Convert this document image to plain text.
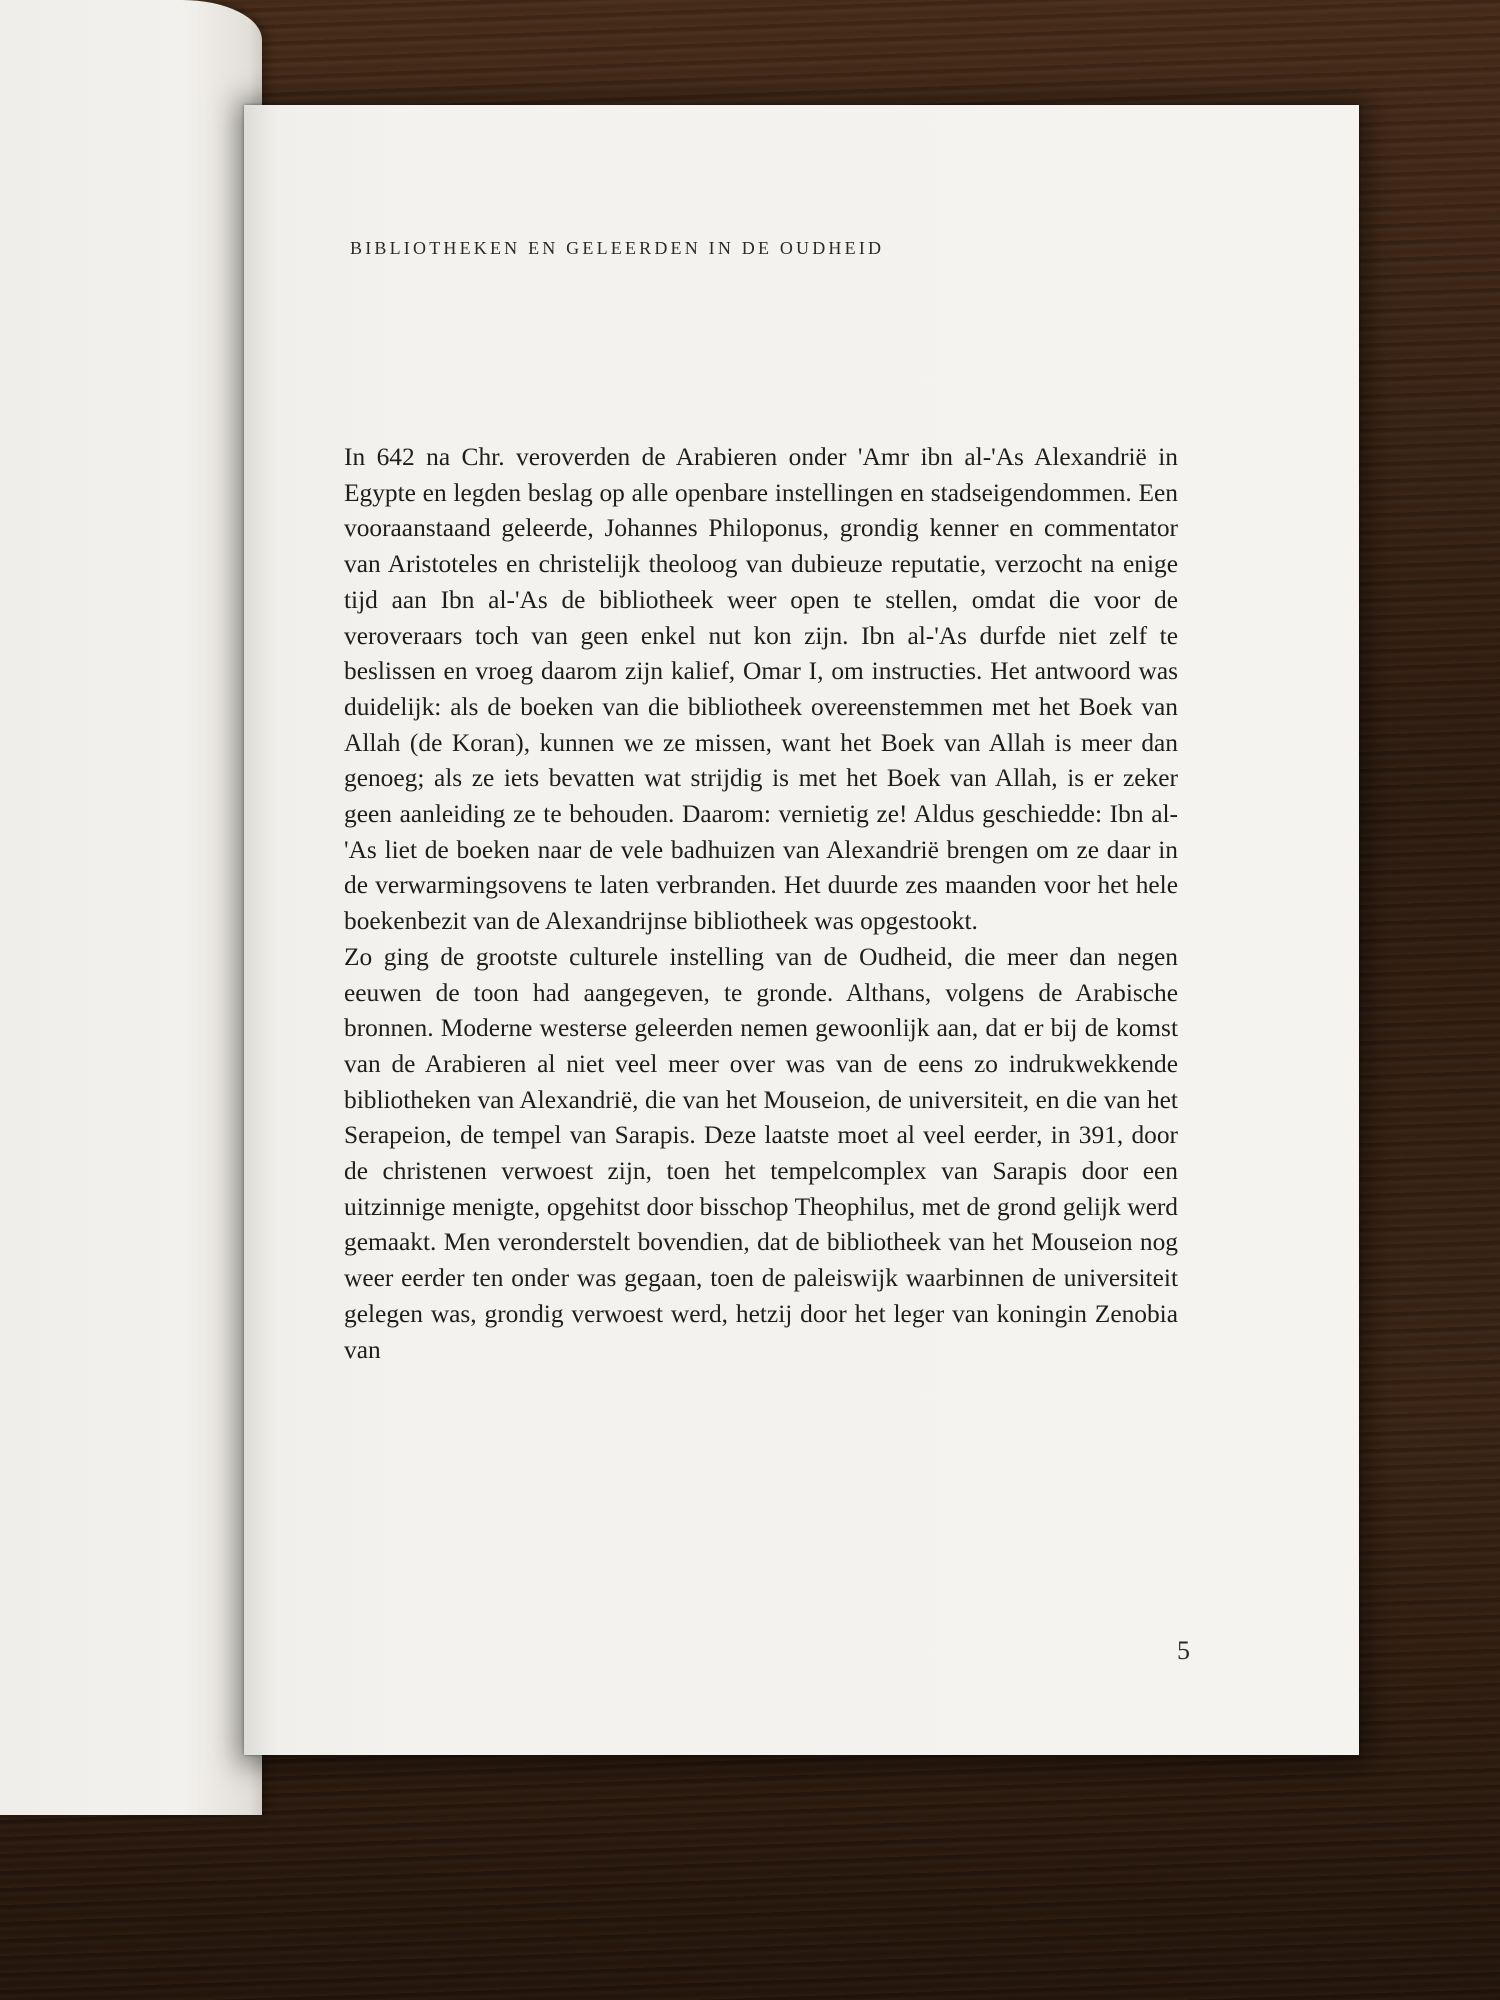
BIBLIOTHEKEN EN GELEERDEN IN DE OUDHEID

In 642 na Chr. veroverden de Arabieren onder 'Amr ibn al-'As Alexandrië in Egypte en legden beslag op alle openbare instellingen en stadseigendommen. Een vooraanstaand geleerde, Johannes Philoponus, grondig kenner en commentator van Aristoteles en christelijk theoloog van dubieuze reputatie, verzocht na enige tijd aan Ibn al-'As de bibliotheek weer open te stellen, omdat die voor de veroveraars toch van geen enkel nut kon zijn. Ibn al-'As durfde niet zelf te beslissen en vroeg daarom zijn kalief, Omar I, om instructies. Het antwoord was duidelijk: als de boeken van die bibliotheek overeenstemmen met het Boek van Allah (de Koran), kunnen we ze missen, want het Boek van Allah is meer dan genoeg; als ze iets bevatten wat strijdig is met het Boek van Allah, is er zeker geen aanleiding ze te behouden. Daarom: vernietig ze! Aldus geschiedde: Ibn al-'As liet de boeken naar de vele badhuizen van Alexandrië brengen om ze daar in de verwarmingsovens te laten verbranden. Het duurde zes maanden voor het hele boekenbezit van de Alexandrijnse bibliotheek was opgestookt.

Zo ging de grootste culturele instelling van de Oudheid, die meer dan negen eeuwen de toon had aangegeven, te gronde. Althans, volgens de Arabische bronnen. Moderne westerse geleerden nemen gewoonlijk aan, dat er bij de komst van de Arabieren al niet veel meer over was van de eens zo indrukwekkende bibliotheken van Alexandrië, die van het Mouseion, de universiteit, en die van het Serapeion, de tempel van Sarapis. Deze laatste moet al veel eerder, in 391, door de christenen verwoest zijn, toen het tempelcomplex van Sarapis door een uitzinnige menigte, opgehitst door bisschop Theophilus, met de grond gelijk werd gemaakt. Men veronderstelt bovendien, dat de bibliotheek van het Mouseion nog weer eerder ten onder was gegaan, toen de paleiswijk waarbinnen de universiteit gelegen was, grondig verwoest werd, hetzij door het leger van koningin Zenobia van

5
